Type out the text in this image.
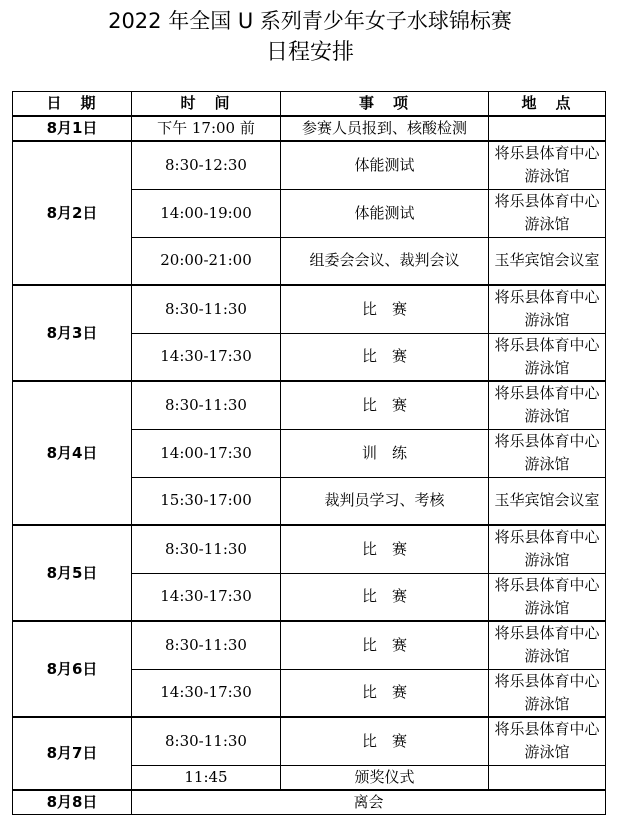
2022 年全国 U 系列青少年女子水球锦标赛
日程安排
日　期	时　间	事　项	地　点
8月1日	下午 17:00 前	参赛人员报到、核酸检测	
8月2日	8:30-12:30	体能测试	将乐县体育中心游泳馆
	14:00-19:00	体能测试	将乐县体育中心游泳馆
	20:00-21:00	组委会会议、裁判会议	玉华宾馆会议室
8月3日	8:30-11:30	比　赛	将乐县体育中心游泳馆
	14:30-17:30	比　赛	将乐县体育中心游泳馆
8月4日	8:30-11:30	比　赛	将乐县体育中心游泳馆
	14:00-17:30	训　练	将乐县体育中心游泳馆
	15:30-17:00	裁判员学习、考核	玉华宾馆会议室
8月5日	8:30-11:30	比　赛	将乐县体育中心游泳馆
	14:30-17:30	比　赛	将乐县体育中心游泳馆
8月6日	8:30-11:30	比　赛	将乐县体育中心游泳馆
	14:30-17:30	比　赛	将乐县体育中心游泳馆
8月7日	8:30-11:30	比　赛	将乐县体育中心游泳馆
	11:45	颁奖仪式	
8月8日	离会		
